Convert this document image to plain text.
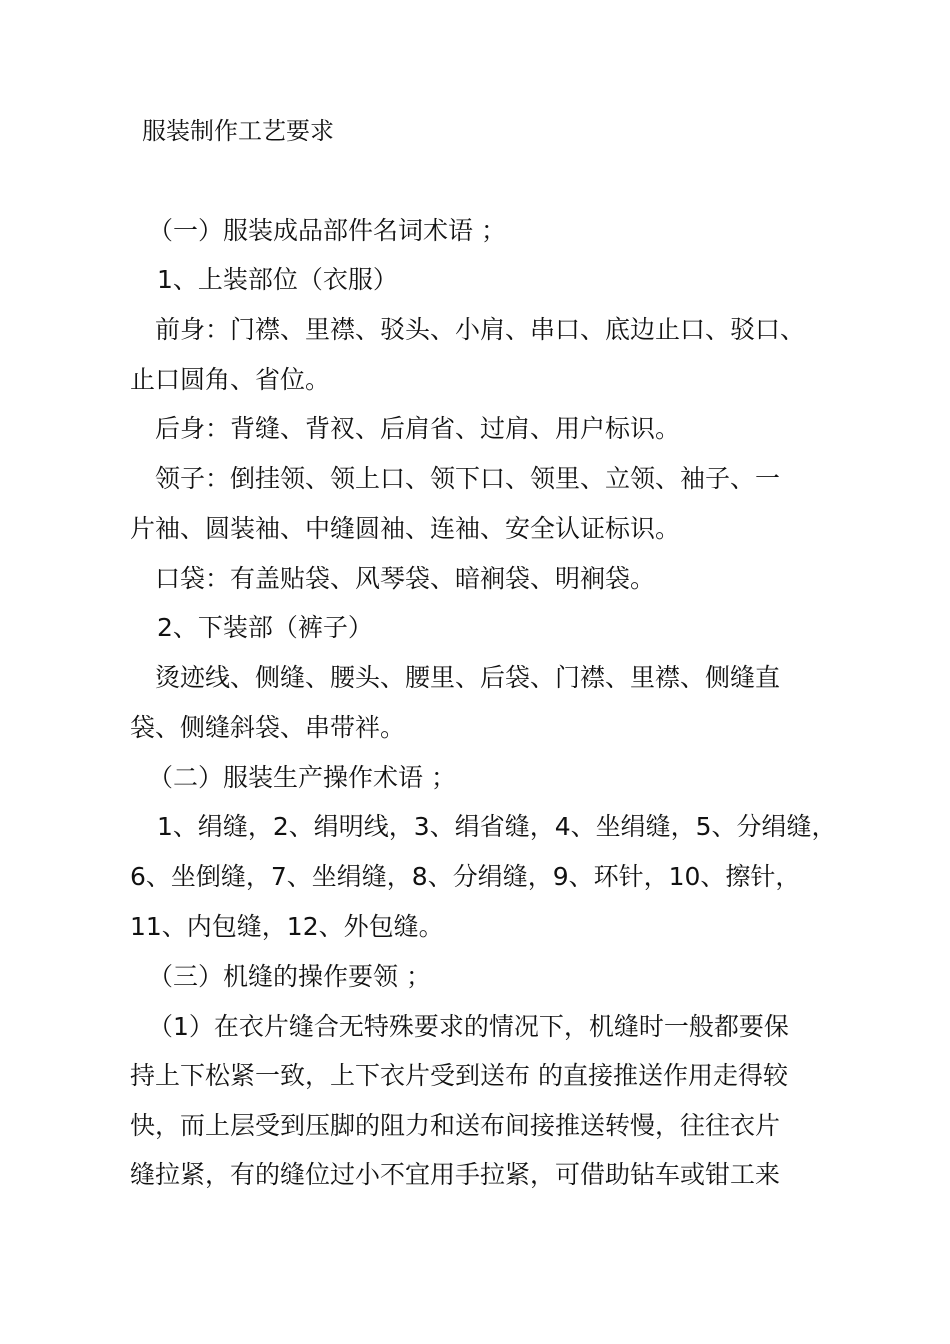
服装制作工艺要求
（一）服装成品部件名词术语 ；
1、上装部位（衣服）
前身：门襟、里襟、驳头、小肩、串口、底边止口、驳口、
止口圆角、省位。
后身：背缝、背衩、后肩省、过肩、用户标识。
领子：倒挂领、领上口、领下口、领里、立领、袖子、一
片袖、圆装袖、中缝圆袖、连袖、安全认证标识。
口袋：有盖贴袋、风琴袋、暗裥袋、明裥袋。
2、下装部（裤子）
烫迹线、侧缝、腰头、腰里、后袋、门襟、里襟、侧缝直
袋、侧缝斜袋、串带袢。
（二）服装生产操作术语 ；
1、绢缝，2、绢明线，3、绢省缝，4、坐绢缝，5、分绢缝，
6、坐倒缝，7、坐绢缝，8、分绢缝，9、环针，10、擦针，
11、内包缝，12、外包缝。
（三）机缝的操作要领 ；
（1）在衣片缝合无特殊要求的情况下，机缝时一般都要保
持上下松紧一致，上下衣片受到送布 的直接推送作用走得较
快，而上层受到压脚的阻力和送布间接推送转慢，往往衣片
缝拉紧，有的缝位过小不宜用手拉紧，可借助钻车或钳工来
